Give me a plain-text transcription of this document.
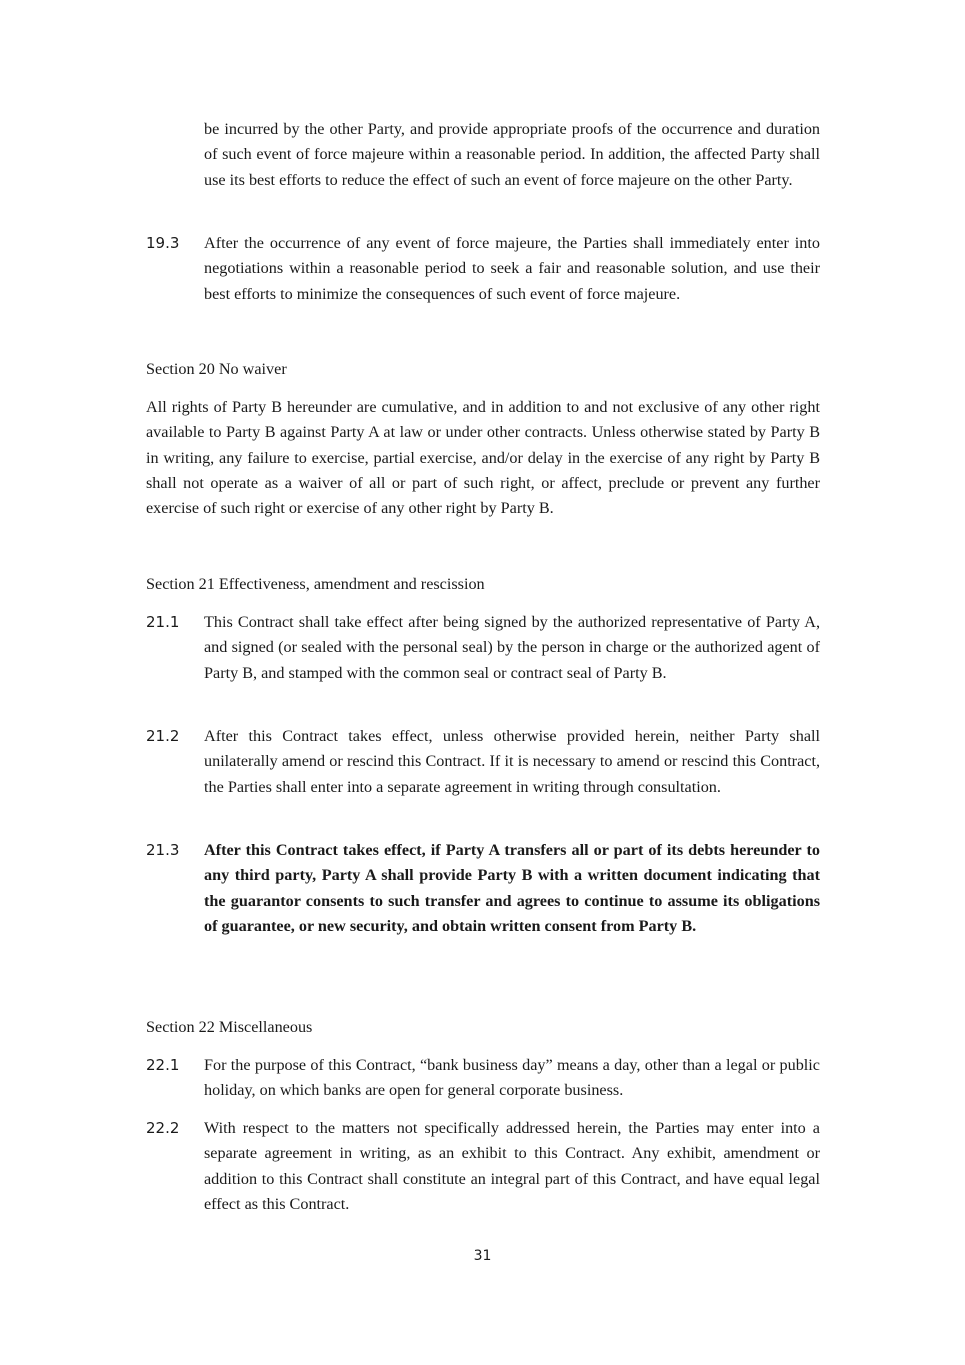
be incurred by the other Party, and provide appropriate proofs of the occurrence and duration of such event of force majeure within a reasonable period. In addition, the affected Party shall use its best efforts to reduce the effect of such an event of force majeure on the other Party.

19.3 After the occurrence of any event of force majeure, the Parties shall immediately enter into negotiations within a reasonable period to seek a fair and reasonable solution, and use their best efforts to minimize the consequences of such event of force majeure.

Section 20 No waiver

All rights of Party B hereunder are cumulative, and in addition to and not exclusive of any other right available to Party B against Party A at law or under other contracts. Unless otherwise stated by Party B in writing, any failure to exercise, partial exercise, and/or delay in the exercise of any right by Party B shall not operate as a waiver of all or part of such right, or affect, preclude or prevent any further exercise of such right or exercise of any other right by Party B.

Section 21 Effectiveness, amendment and rescission
21.1 This Contract shall take effect after being signed by the authorized representative of Party A, and signed (or sealed with the personal seal) by the person in charge or the authorized agent of Party B, and stamped with the common seal or contract seal of Party B.

21.2 After this Contract takes effect, unless otherwise provided herein, neither Party shall unilaterally amend or rescind this Contract. If it is necessary to amend or rescind this Contract, the Parties shall enter into a separate agreement in writing through consultation.

21.3 After this Contract takes effect, if Party A transfers all or part of its debts hereunder to any third party, Party A shall provide Party B with a written document indicating that the guarantor consents to such transfer and agrees to continue to assume its obligations of guarantee, or new security, and obtain written consent from Party B.

Section 22 Miscellaneous
22.1 For the purpose of this Contract, “bank business day” means a day, other than a legal or public holiday, on which banks are open for general corporate business.

22.2 With respect to the matters not specifically addressed herein, the Parties may enter into a separate agreement in writing, as an exhibit to this Contract. Any exhibit, amendment or addition to this Contract shall constitute an integral part of this Contract, and have equal legal effect as this Contract.

31
